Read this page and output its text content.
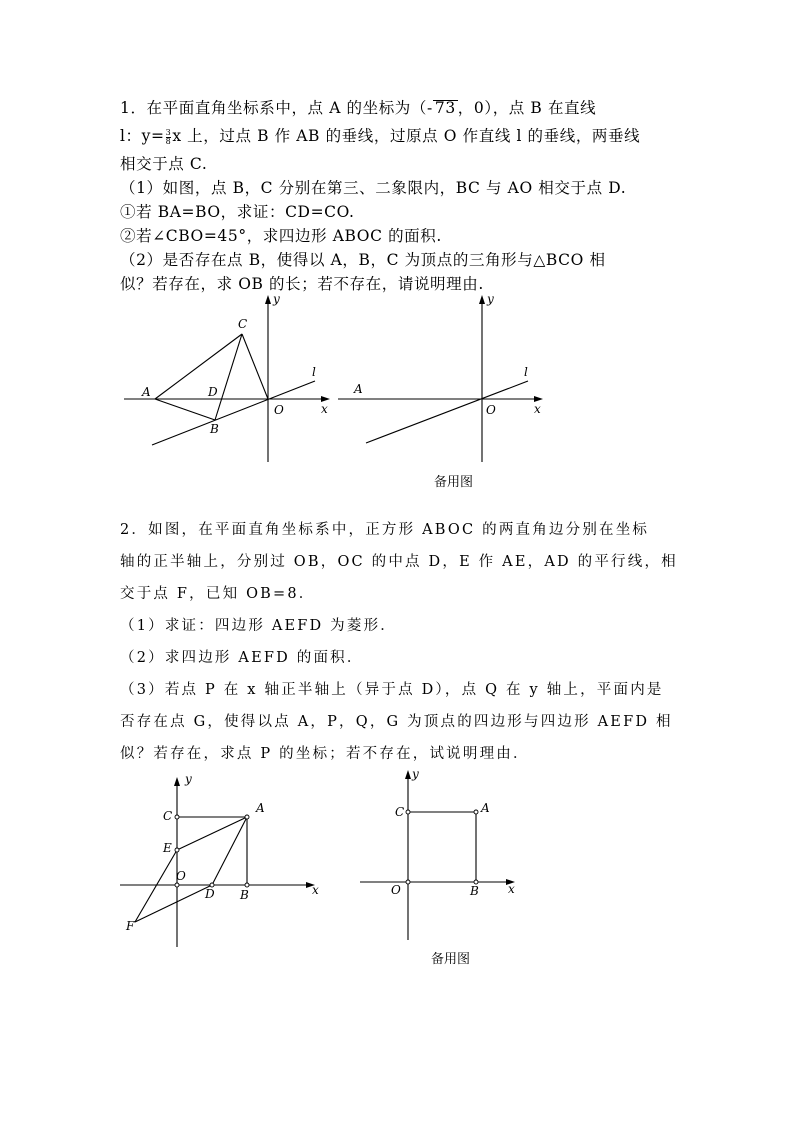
1．在平面直角坐标系中，点 A 的坐标为（- 73 ，0），点 B 在直线
l：$y= \frac{3}{8}$ x 上，过点 B 作 AB 的垂线，过原点 O 作直线 l 的垂线，两垂线
相交于点 C.
（1）如图，点 B，C 分别在第三、二象限内，BC 与 AO 相交于点 D.
①若 BA=BO，求证：CD=CO.
②若∠CBO=45°，求四边形 ABOC 的面积.
（2）是否存在点 B，使得以 A，B，C 为顶点的三角形与△BCO 相
似？若存在，求 OB 的长；若不存在，请说明理由.
A
C
D
B
O	x
y
l
A
O	x
y
l
C
A
E
O
D B
F
x
y
C	A
O	B x
y
备用图
2．如图，在平面直角坐标系中，正方形 ABOC 的两直角边分别在坐标
轴的正半轴上，分别过 OB，OC 的中点 D，E 作 AE，AD 的平行线，相
交于点 F，已知 OB=8．
（1）求证：四边形 AEFD 为菱形．
（2）求四边形 AEFD 的面积．
（3）若点 P 在 x 轴正半轴上（异于点 D），点 Q 在 y 轴上，平面内是
否存在点 G，使得以点 A，P，Q，G 为顶点的四边形与四边形 AEFD 相
似？若存在，求点 P 的坐标；若不存在，试说明理由．
备用图
